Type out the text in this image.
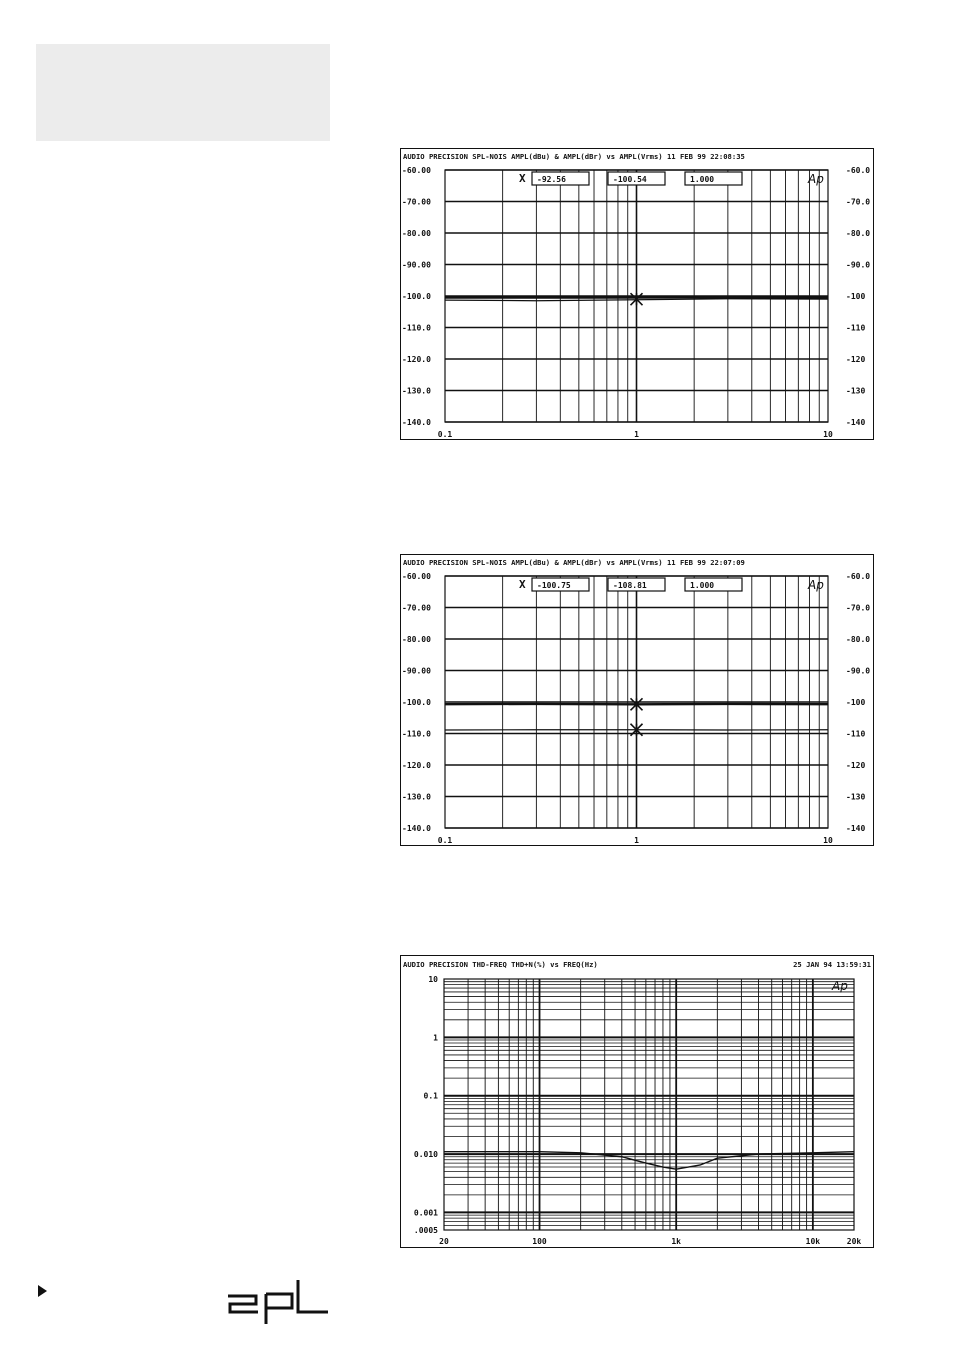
AUDIO PRECISION SPL-NOIS AMPL(dBu) & AMPL(dBr) vs AMPL(Vrms) 11 FEB 99 22:08:35
-60.00
-70.00
-80.00
-90.00
-100.0
-110.0
-120.0
-130.0
-140.0
-60.0
-70.0
-80.0
-90.0
-100
-110
-120
-130
-140
0.1	1	10
X -92.56	-100.54	1.000	Ap
AUDIO PRECISION SPL-NOIS AMPL(dBu) & AMPL(dBr) vs AMPL(Vrms) 11 FEB 99 22:07:09
-60.00
-70.00
-80.00
-90.00
-100.0
-110.0
-120.0
-130.0
-140.0
-60.0
-70.0
-80.0
-90.0
-100
-110
-120
-130
-140
0.1	1	10
X -100.75	-108.81	1.000	Ap
AUDIO PRECISION THD-FREQ THD+N(%) vs FREQ(Hz)	25 JAN 94 13:59:31
10
1
0.1
0.010
0.001
.0005
20	100	1k	10k	20k
Ap
